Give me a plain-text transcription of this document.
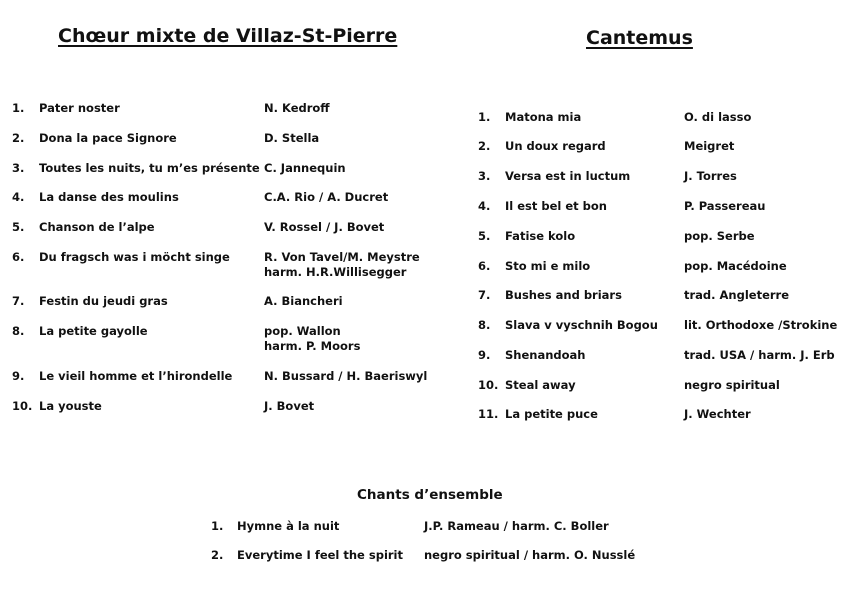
Chœur mixte de Villaz-St-Pierre	Cantemus
1. Pater noster	N. Kedroff
2. Dona la pace Signore	D. Stella
3. Toutes les nuits, tu m’es présente C. Jannequin
4. La danse des moulins	C.A. Rio / A. Ducret
5. Chanson de l’alpe	V. Rossel / J. Bovet
6. Du fragsch was i möcht singe	R. Von Tavel/M. Meystre
harm. H.R.Willisegger
7. Festin du jeudi gras	A. Biancheri
8. La petite gayolle	pop. Wallon
harm. P. Moors
9. Le vieil homme et l’hirondelle	N. Bussard / H. Baeriswyl
10. La youste	J. Bovet
1. Matona mia	O. di lasso
2. Un doux regard	Meigret
3. Versa est in luctum	J. Torres
4. Il est bel et bon	P. Passereau
5. Fatise kolo	pop. Serbe
6. Sto mi e milo	pop. Macédoine
7. Bushes and briars	trad. Angleterre
8. Slava v vyschnih Bogou lit. Orthodoxe /Strokine
9. Shenandoah	trad. USA / harm. J. Erb
10. Steal away	negro spiritual
11. La petite puce	J. Wechter
Chants d’ensemble
1. Hymne à la nuit	J.P. Rameau / harm. C. Boller
2. Everytime I feel the spirit negro spiritual / harm. O. Nusslé
